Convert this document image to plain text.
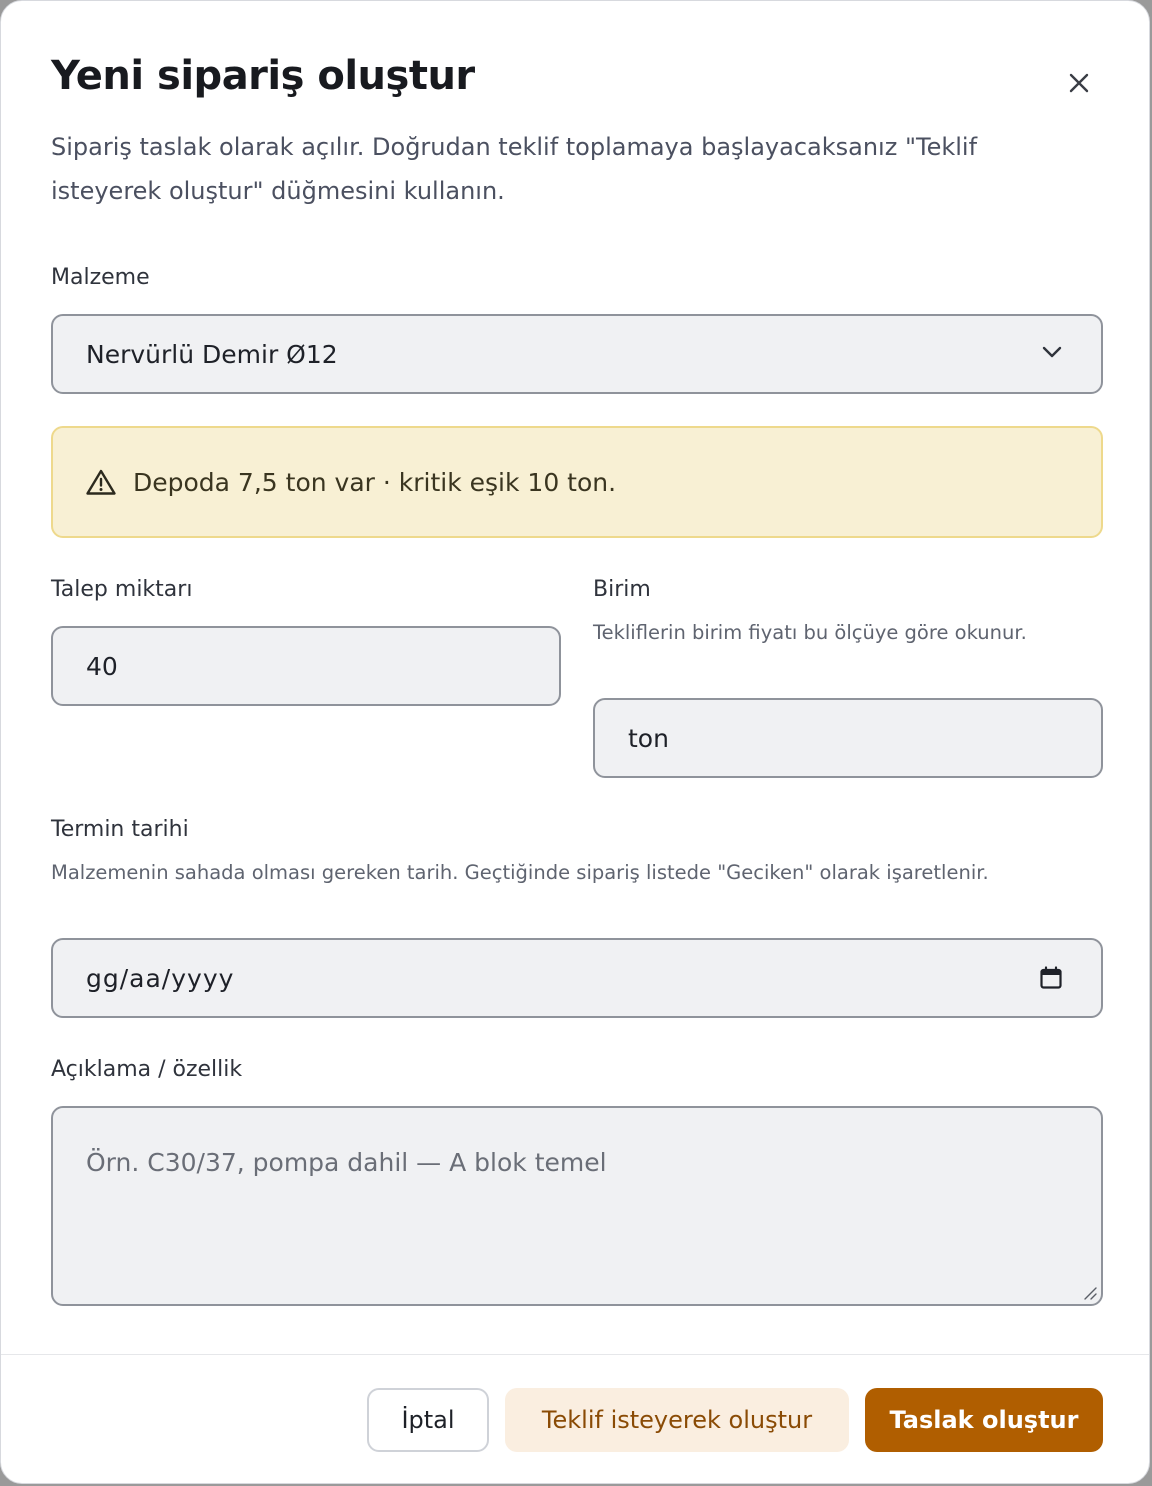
Yeni sipariş oluştur
Sipariş taslak olarak açılır. Doğrudan teklif toplamaya başlayacaksanız "Teklif isteyerek oluştur" düğmesini kullanın.
Malzeme
Nervürlü Demir Ø12
Depoda 7,5 ton var · kritik eşik 10 ton.
Talep miktarı
40
Birim
Tekliflerin birim fiyatı bu ölçüye göre okunur.
ton
Termin tarihi
Malzemenin sahada olması gereken tarih. Geçtiğinde sipariş listede "Geciken" olarak işaretlenir.
gg/aa/yyyy
Açıklama / özellik
Örn. C30/37, pompa dahil — A blok temel
İptal	Teklif isteyerek oluştur	Taslak oluştur
